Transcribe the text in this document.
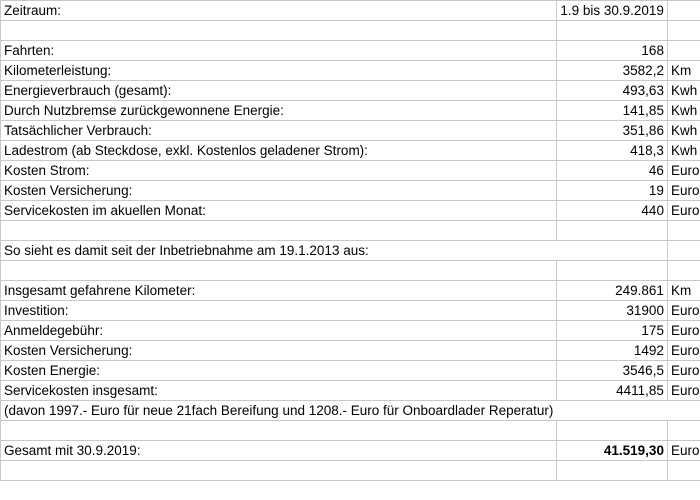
Zeitraum:	1.9 bis 30.9.2019	

Fahrten:	168	
Kilometerleistung:	3582,2	Km
Energieverbrauch (gesamt):	493,63	Kwh
Durch Nutzbremse zurückgewonnene Energie:	141,85	Kwh
Tatsächlicher Verbrauch:	351,86	Kwh
Ladestrom (ab Steckdose, exkl. Kostenlos geladener Strom):	418,3	Kwh
Kosten Strom:	46	Euro
Kosten Versicherung:	19	Euro
Servicekosten im akuellen Monat:	440	Euro

So sieht es damit seit der Inbetriebnahme am 19.1.2013 aus:		

Insgesamt gefahrene Kilometer:	249.861	Km
Investition:	31900	Euro
Anmeldegebühr:	175	Euro
Kosten Versicherung:	1492	Euro
Kosten Energie:	3546,5	Euro
Servicekosten insgesamt:	4411,85	Euro
(davon 1997.- Euro für neue 21fach Bereifung und 1208.- Euro für Onboardlader Reperatur)		

Gesamt mit 30.9.2019:	41.519,30	Euro
